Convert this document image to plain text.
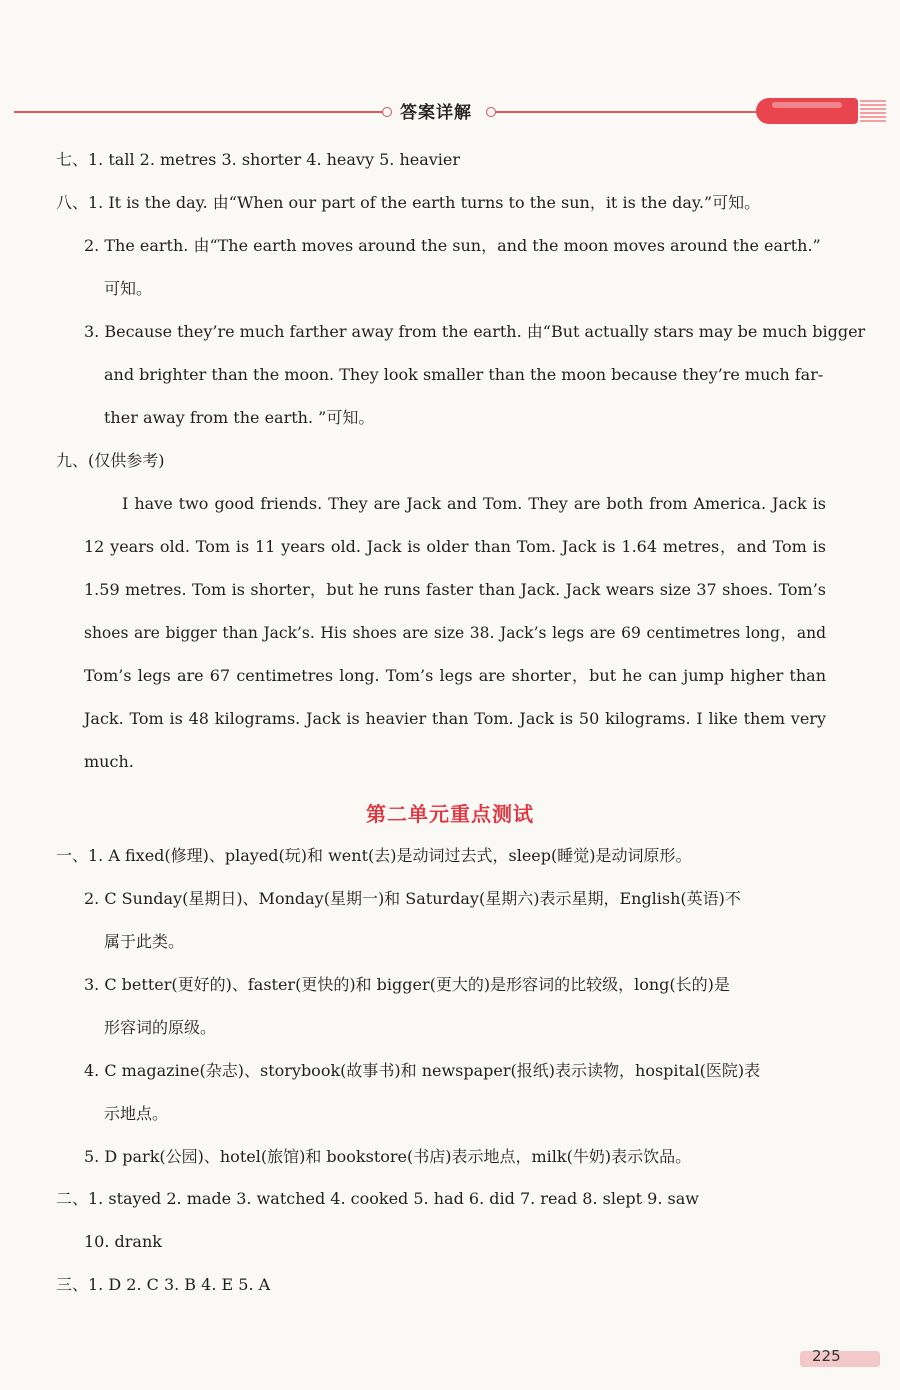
答案详解
七、1. tall 2. metres 3. shorter 4. heavy 5. heavier
八、1. It is the day. 由“When our part of the earth turns to the sun，it is the day.”可知。
2. The earth. 由“The earth moves around the sun，and the moon moves around the earth.”
可知。
3. Because they’re much farther away from the earth. 由“But actually stars may be much bigger
and brighter than the moon. They look smaller than the moon because they’re much far-
ther away from the earth. ”可知。
九、(仅供参考)
I have two good friends. They are Jack and Tom. They are both from America. Jack is
12 years old. Tom is 11 years old. Jack is older than Tom. Jack is 1.64 metres，and Tom is
1.59 metres. Tom is shorter，but he runs faster than Jack. Jack wears size 37 shoes. Tom’s
shoes are bigger than Jack’s. His shoes are size 38. Jack’s legs are 69 centimetres long，and
Tom’s legs are 67 centimetres long. Tom’s legs are shorter，but he can jump higher than
Jack. Tom is 48 kilograms. Jack is heavier than Tom. Jack is 50 kilograms. I like them very
much.
第二单元重点测试
一、1. A fixed(修理)、played(玩)和 went(去)是动词过去式，sleep(睡觉)是动词原形。
2. C Sunday(星期日)、Monday(星期一)和 Saturday(星期六)表示星期，English(英语)不
属于此类。
3. C better(更好的)、faster(更快的)和 bigger(更大的)是形容词的比较级，long(长的)是
形容词的原级。
4. C magazine(杂志)、storybook(故事书)和 newspaper(报纸)表示读物，hospital(医院)表
示地点。
5. D park(公园)、hotel(旅馆)和 bookstore(书店)表示地点，milk(牛奶)表示饮品。
二、1. stayed 2. made 3. watched 4. cooked 5. had 6. did 7. read 8. slept 9. saw
10. drank
三、1. D 2. C 3. B 4. E 5. A
225
